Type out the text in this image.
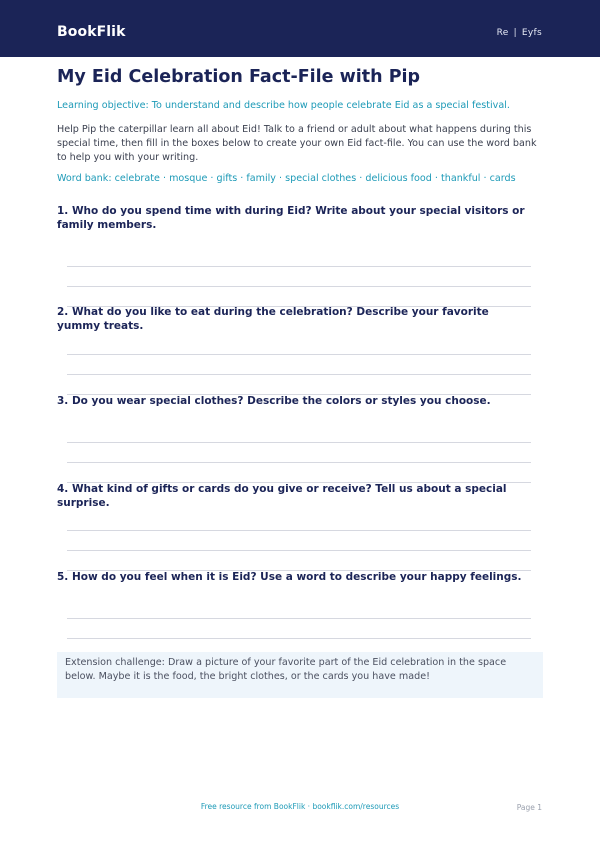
BookFlik	Re | Eyfs
My Eid Celebration Fact-File with Pip
Learning objective: To understand and describe how people celebrate Eid as a special festival.
Help Pip the caterpillar learn all about Eid! Talk to a friend or adult about what happens during this special time, then fill in the boxes below to create your own Eid fact-file. You can use the word bank to help you with your writing.
Word bank: celebrate · mosque · gifts · family · special clothes · delicious food · thankful · cards
1. Who do you spend time with during Eid? Write about your special visitors or family members.
2. What do you like to eat during the celebration? Describe your favorite yummy treats.
3. Do you wear special clothes? Describe the colors or styles you choose.
4. What kind of gifts or cards do you give or receive? Tell us about a special surprise.
5. How do you feel when it is Eid? Use a word to describe your happy feelings.
Extension challenge: Draw a picture of your favorite part of the Eid celebration in the space below. Maybe it is the food, the bright clothes, or the cards you have made!
Free resource from BookFlik · bookflik.com/resources	Page 1
